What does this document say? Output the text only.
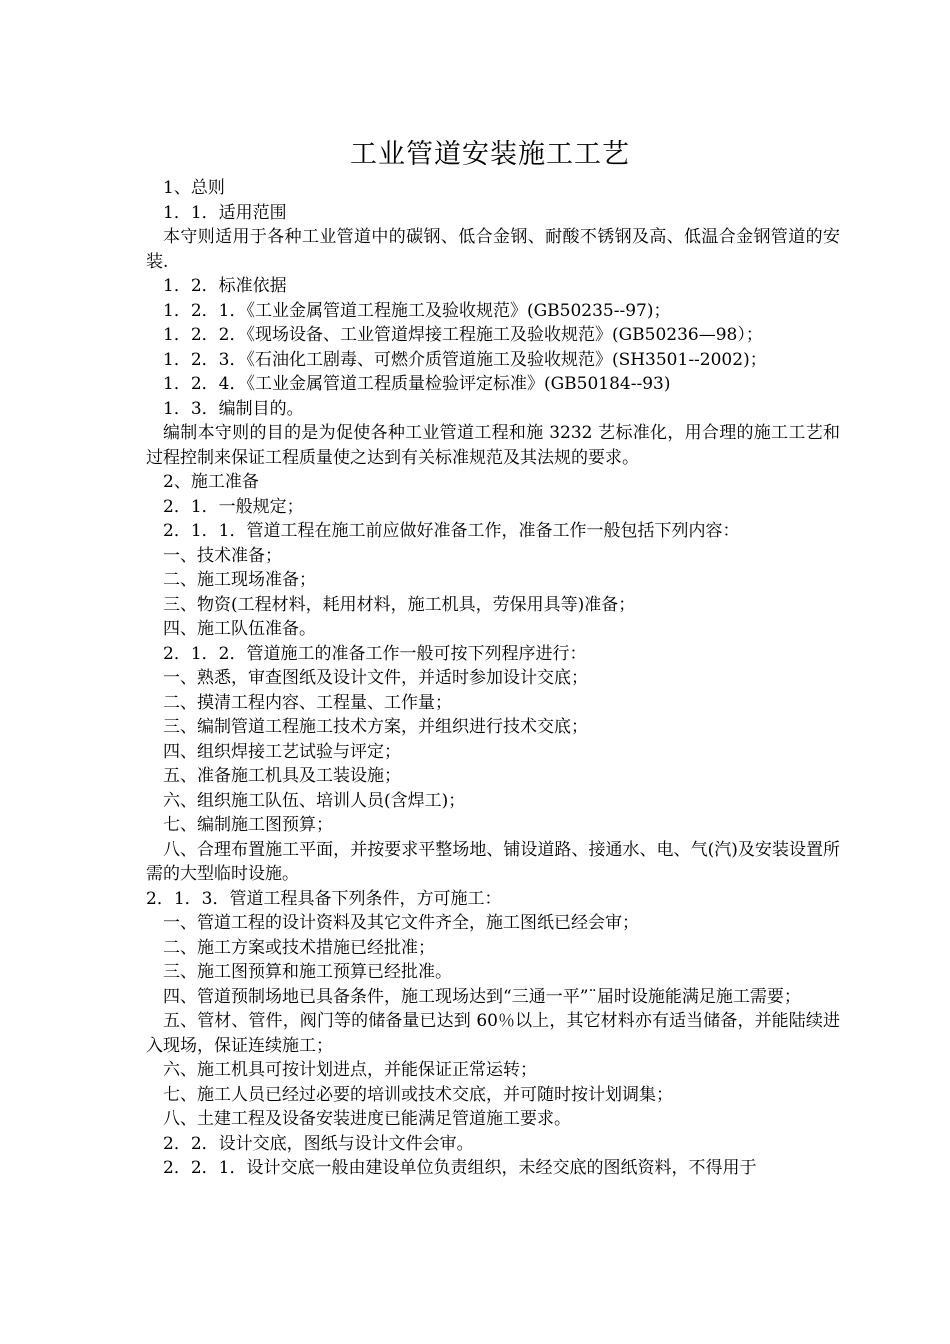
工业管道安装施工工艺

1、总则

1．1．适用范围

本守则适用于各种工业管道中的碳钢、低合金钢、耐酸不锈钢及高、低温合金钢管道的安装.

1．2．标准依据

1．2．1．《工业金属管道工程施工及验收规范》(GB50235--97)；

1．2．2．《现场设备、工业管道焊接工程施工及验收规范》(GB50236—98）；

1．2．3．《石油化工剧毒、可燃介质管道施工及验收规范》(SH3501--2002)；

1．2．4．《工业金属管道工程质量检验评定标准》(GB50184--93)

1．3．编制目的。

编制本守则的目的是为促使各种工业管道工程和施 3232 艺标准化，用合理的施工工艺和过程控制来保证工程质量使之达到有关标准规范及其法规的要求。

2、施工准备

2．1．一般规定；

2．1．1．管道工程在施工前应做好准备工作，准备工作一般包括下列内容：

一、技术准备；

二、施工现场准备；

三、物资(工程材料，耗用材料，施工机具，劳保用具等)准备；

四、施工队伍准备。

2．1．2．管道施工的准备工作一般可按下列程序进行：

一、熟悉，审查图纸及设计文件，并适时参加设计交底；

二、摸清工程内容、工程量、工作量；

三、编制管道工程施工技术方案，并组织进行技术交底；

四、组织焊接工艺试验与评定；

五、准备施工机具及工装设施；

六、组织施工队伍、培训人员(含焊工)；

七、编制施工图预算；

八、合理布置施工平面，并按要求平整场地、铺设道路、接通水、电、气(汽)及安装设置所需的大型临时设施。

2．1．3．管道工程具备下列条件，方可施工：

一、管道工程的设计资料及其它文件齐全，施工图纸已经会审；

二、施工方案或技术措施已经批准；

三、施工图预算和施工预算已经批准。

四、管道预制场地已具备条件，施工现场达到“三通一平”¨届时设施能满足施工需要；

五、管材、管件，阀门等的储备量已达到 60％以上，其它材料亦有适当储备，并能陆续进入现场，保证连续施工；

六、施工机具可按计划进点，并能保证正常运转；

七、施工人员已经过必要的培训或技术交底，并可随时按计划调集；

八、土建工程及设备安装进度已能满足管道施工要求。

2．2．设计交底，图纸与设计文件会审。

2．2．1．设计交底一般由建设单位负责组织，未经交底的图纸资料，不得用于
